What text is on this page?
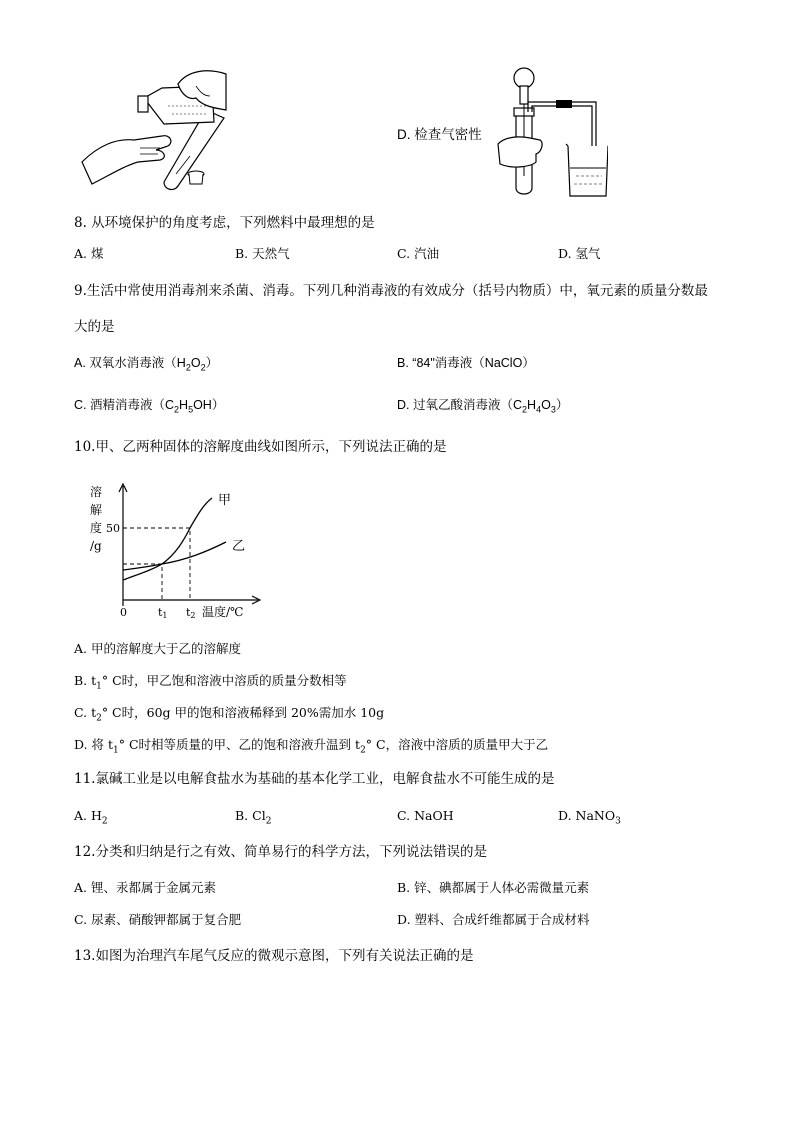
D. 检查气密性
8. 从环境保护的角度考虑，下列燃料中最理想的是
A. 煤	B. 天然气	C. 汽油	D. 氢气
9.生活中常使用消毒剂来杀菌、消毒。下列几种消毒液的有效成分（括号内物质）中，氧元素的质量分数最
大的是
A. 双氧水消毒液$(H_2O_2)$	B. “84"消毒液（NaClO）
C. 酒精消毒液$(C_2H_5OH)$	D. 过氧乙酸消毒液$(C_2H_4O_3)$
10.甲、乙两种固体的溶解度曲线如图所示，下列说法正确的是
溶
解
度
/g
50
0	t1 t2 温度/℃
甲
乙
A. 甲的溶解度大于乙的溶解度
B. $t_1^\circ$ C时，甲乙饱和溶液中溶质的质量分数相等
C. $t_2^\circ$ C时，60g 甲的饱和溶液稀释到 20%需加水 10g
D. 将 $t_1^\circ$ C时相等质量的甲、乙的饱和溶液升温到 $t_2^\circ$ C，溶液中溶质的质量甲大于乙
11.氯碱工业是以电解食盐水为基础的基本化学工业，电解食盐水不可能生成的是
A. $H_2$	B. $Cl_2$	C. NaOH	D. NaNO$_3$
12.分类和归纳是行之有效、简单易行的科学方法，下列说法错误的是
A. 锂、汞都属于金属元素	B. 锌、碘都属于人体必需微量元素
C. 尿素、硝酸钾都属于复合肥	D. 塑料、合成纤维都属于合成材料
13.如图为治理汽车尾气反应的微观示意图，下列有关说法正确的是
